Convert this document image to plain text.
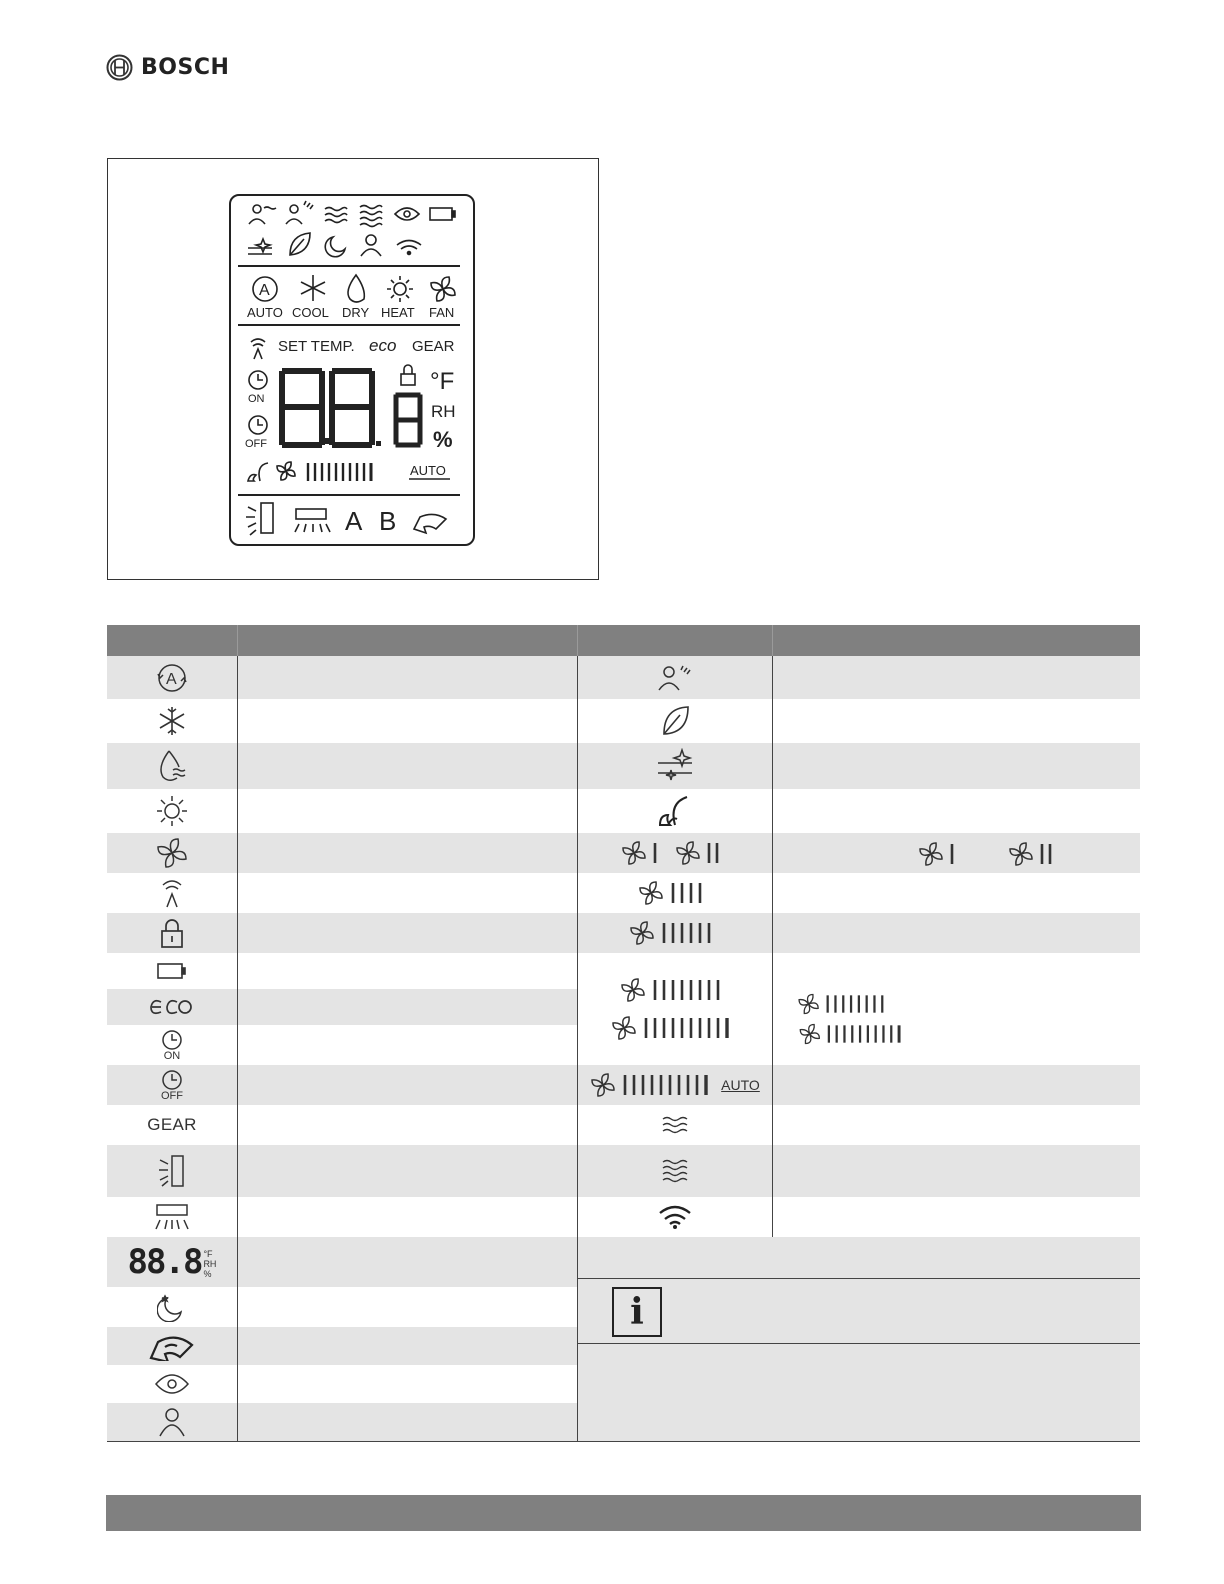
BOSCH
A
AUTO COOL DRY HEAT FAN
SET TEMP. eco GEAR
ON
OFF
°F
RH
%
AUTO
A B
A
ON
OFF
GEAR
88.8 °F
RH
%
AUTO
i
